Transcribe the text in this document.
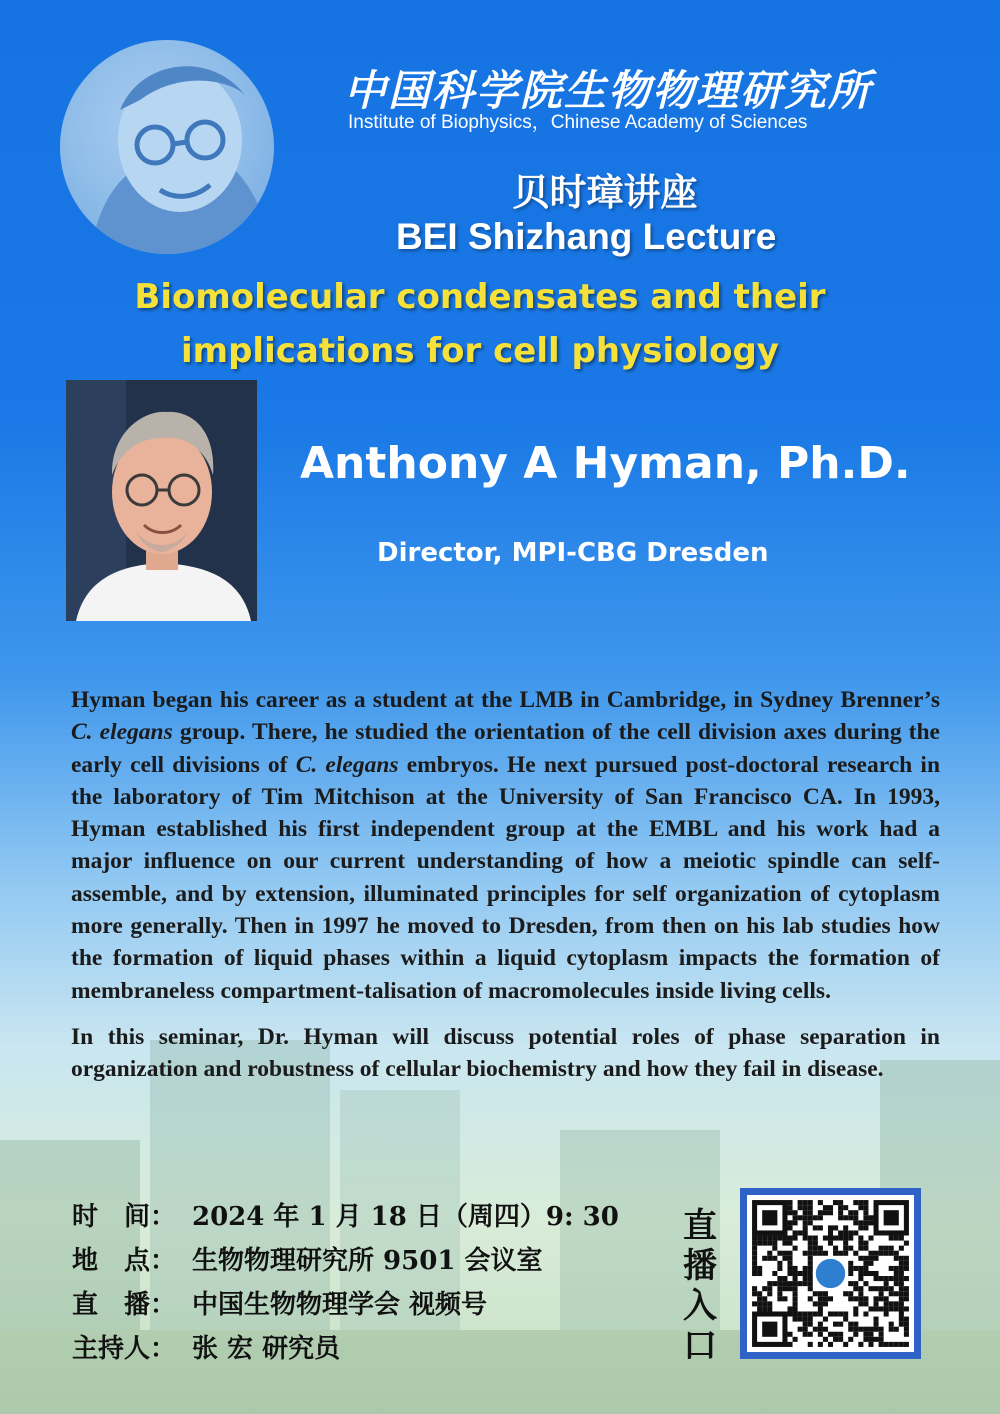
中国科学院生物物理研究所
Institute of Biophysics，Chinese Academy of Sciences
贝时璋讲座
BEI Shizhang Lecture
Biomolecular condensates and their
implications for cell physiology
Anthony A Hyman, Ph.D.
Director, MPI-CBG Dresden

Hyman began his career as a student at the LMB in Cambridge, in Sydney Brenner’s C. elegans group. There, he studied the orientation of the cell division axes during the early cell divisions of C. elegans embryos. He next pursued post-doctoral research in the laboratory of Tim Mitchison at the University of San Francisco CA. In 1993, Hyman established his first independent group at the EMBL and his work had a major influence on our current understanding of how a meiotic spindle can self-assemble, and by extension, illuminated principles for self organization of cytoplasm more generally. Then in 1997 he moved to Dresden, from then on his lab studies how the formation of liquid phases within a liquid cytoplasm impacts the formation of membraneless compartment-talisation of macromolecules inside living cells.

In this seminar, Dr. Hyman will discuss potential roles of phase separation in organization and robustness of cellular biochemistry and how they fail in disease.

时　间： 2024 年 1 月 18 日（周四）9: 30
地　点： 生物物理研究所 9501 会议室
直　播： 中国生物物理学会 视频号
主持人： 张 宏 研究员
直
播
入
口
